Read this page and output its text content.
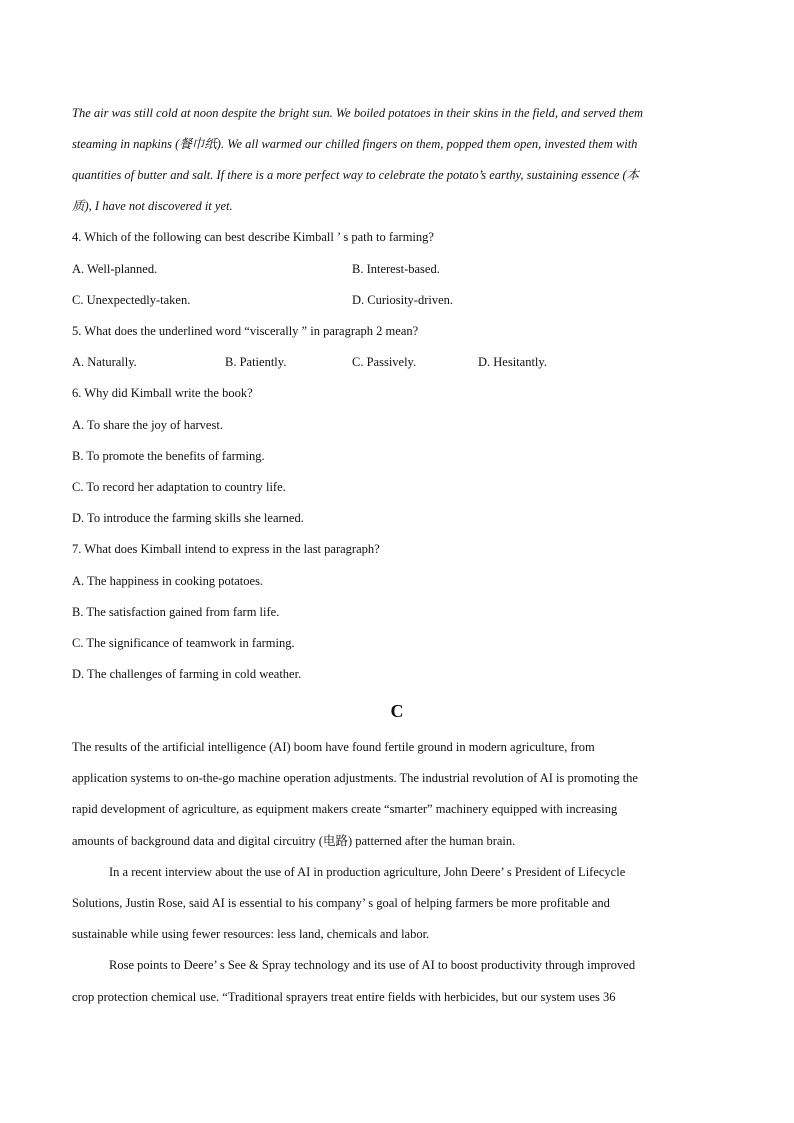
The air was still cold at noon despite the bright sun. We boiled potatoes in their skins in the field, and served them
steaming in napkins (餐巾纸). We all warmed our chilled fingers on them, popped them open, invested them with
quantities of butter and salt. If there is a more perfect way to celebrate the potato’s earthy, sustaining essence (本
质), I have not discovered it yet.
4. Which of the following can best describe Kimball ’ s path to farming?
A. Well-planned.	B. Interest-based.
C. Unexpectedly-taken.	D. Curiosity-driven.
5. What does the underlined word “viscerally ” in paragraph 2 mean?
A. Naturally.	B. Patiently.	C. Passively.	D. Hesitantly.
6. Why did Kimball write the book?
A. To share the joy of harvest.
B. To promote the benefits of farming.
C. To record her adaptation to country life.
D. To introduce the farming skills she learned.
7. What does Kimball intend to express in the last paragraph?
A. The happiness in cooking potatoes.
B. The satisfaction gained from farm life.
C. The significance of teamwork in farming.
D. The challenges of farming in cold weather.
C
The results of the artificial intelligence (AI) boom have found fertile ground in modern agriculture, from
application systems to on-the-go machine operation adjustments. The industrial revolution of AI is promoting the
rapid development of agriculture, as equipment makers create “smarter” machinery equipped with increasing
amounts of background data and digital circuitry (电路) patterned after the human brain.
In a recent interview about the use of AI in production agriculture, John Deere’ s President of Lifecycle
Solutions, Justin Rose, said AI is essential to his company’ s goal of helping farmers be more profitable and
sustainable while using fewer resources: less land, chemicals and labor.
Rose points to Deere’ s See & Spray technology and its use of AI to boost productivity through improved
crop protection chemical use. “Traditional sprayers treat entire fields with herbicides, but our system uses 36
